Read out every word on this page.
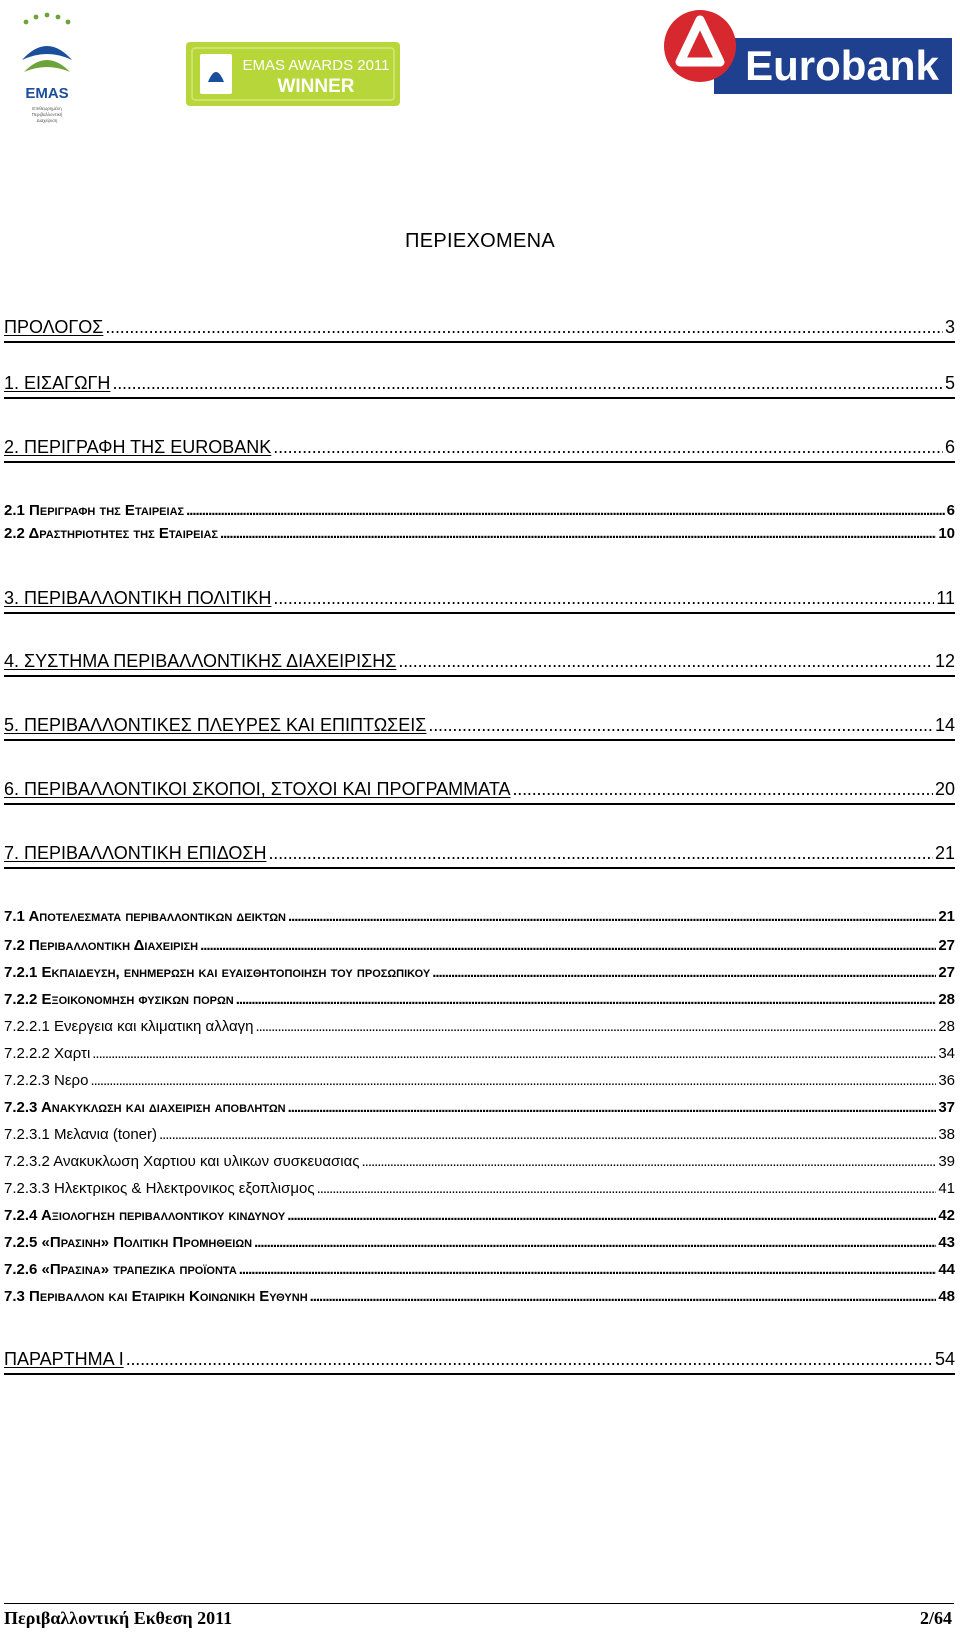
EMAS
Επιθεωρημένη
Περιβαλλοντική
Διαχείριση
EMAS AWARDS 2011
WINNER	Eurobank
ΠΕΡΙΕΧΟΜΕΝΑ
ΠΡΟΛΟΓΟΣ . . .	3
1. ΕΙΣΑΓΩΓΗ . . .	5
2. ΠΕΡΙΓΡΑΦΗ ΤΗΣ EUROBANK . . .	6
2.1 Περιγραφη της Εταιρειας . . .	6
2.2 Δραστηριοτητες της Εταιρειας . . .	10
3. ΠΕΡΙΒΑΛΛΟΝΤΙΚΗ ΠΟΛΙΤΙΚΗ . . .	11
4. ΣΥΣΤΗΜΑ ΠΕΡΙΒΑΛΛΟΝΤΙΚΗΣ ΔΙΑΧΕΙΡΙΣΗΣ . . .	12
5. ΠΕΡΙΒΑΛΛΟΝΤΙΚΕΣ ΠΛΕΥΡΕΣ ΚΑΙ ΕΠΙΠΤΩΣΕΙΣ . . .	14
6. ΠΕΡΙΒΑΛΛΟΝΤΙΚΟΙ ΣΚΟΠΟΙ, ΣΤΟΧΟΙ ΚΑΙ ΠΡΟΓΡΑΜΜΑΤΑ . . .	20
7. ΠΕΡΙΒΑΛΛΟΝΤΙΚΗ ΕΠΙΔΟΣΗ . . .	21
7.1 Αποτελεσματα περιβαλλοντικων δεικτων . . .	21
7.2 Περιβαλλοντικη Διαχειριση . . .	27
7.2.1 Εκπαιδευση, ενημερωση και ευαισθητοποιηση του προσωπικου . . .	27
7.2.2 Εξοικονομηση φυσικων πορων . . .	28
7.2.2.1 Ενεργεια και κλιματικη αλλαγη . . .	28
7.2.2.2 Χαρτι . . .	34
7.2.2.3 Νερο . . .	36
7.2.3 Ανακυκλωση και διαχειριση αποβλητων . . .	37
7.2.3.1 Μελανια (toner) . . .	38
7.2.3.2 Ανακυκλωση Χαρτιου και υλικων συσκευασιας . . .	39
7.2.3.3 Ηλεκτρικος & Ηλεκτρονικος εξοπλισμος . . .	41
7.2.4 Αξιολογηση περιβαλλοντικου κινδυνου . . .	42
7.2.5 «Πρασινη» Πολιτικη Προμηθειων . . .	43
7.2.6 «Πρασινα» τραπεζικα προϊοντα . . .	44
7.3 Περιβαλλον και Εταιρικη Κοινωνικη Ευθυνη . . .	48
ΠΑΡΑΡΤΗΜΑ Ι . . .	54
Περιβαλλοντική Εκθεση 2011	2/64
